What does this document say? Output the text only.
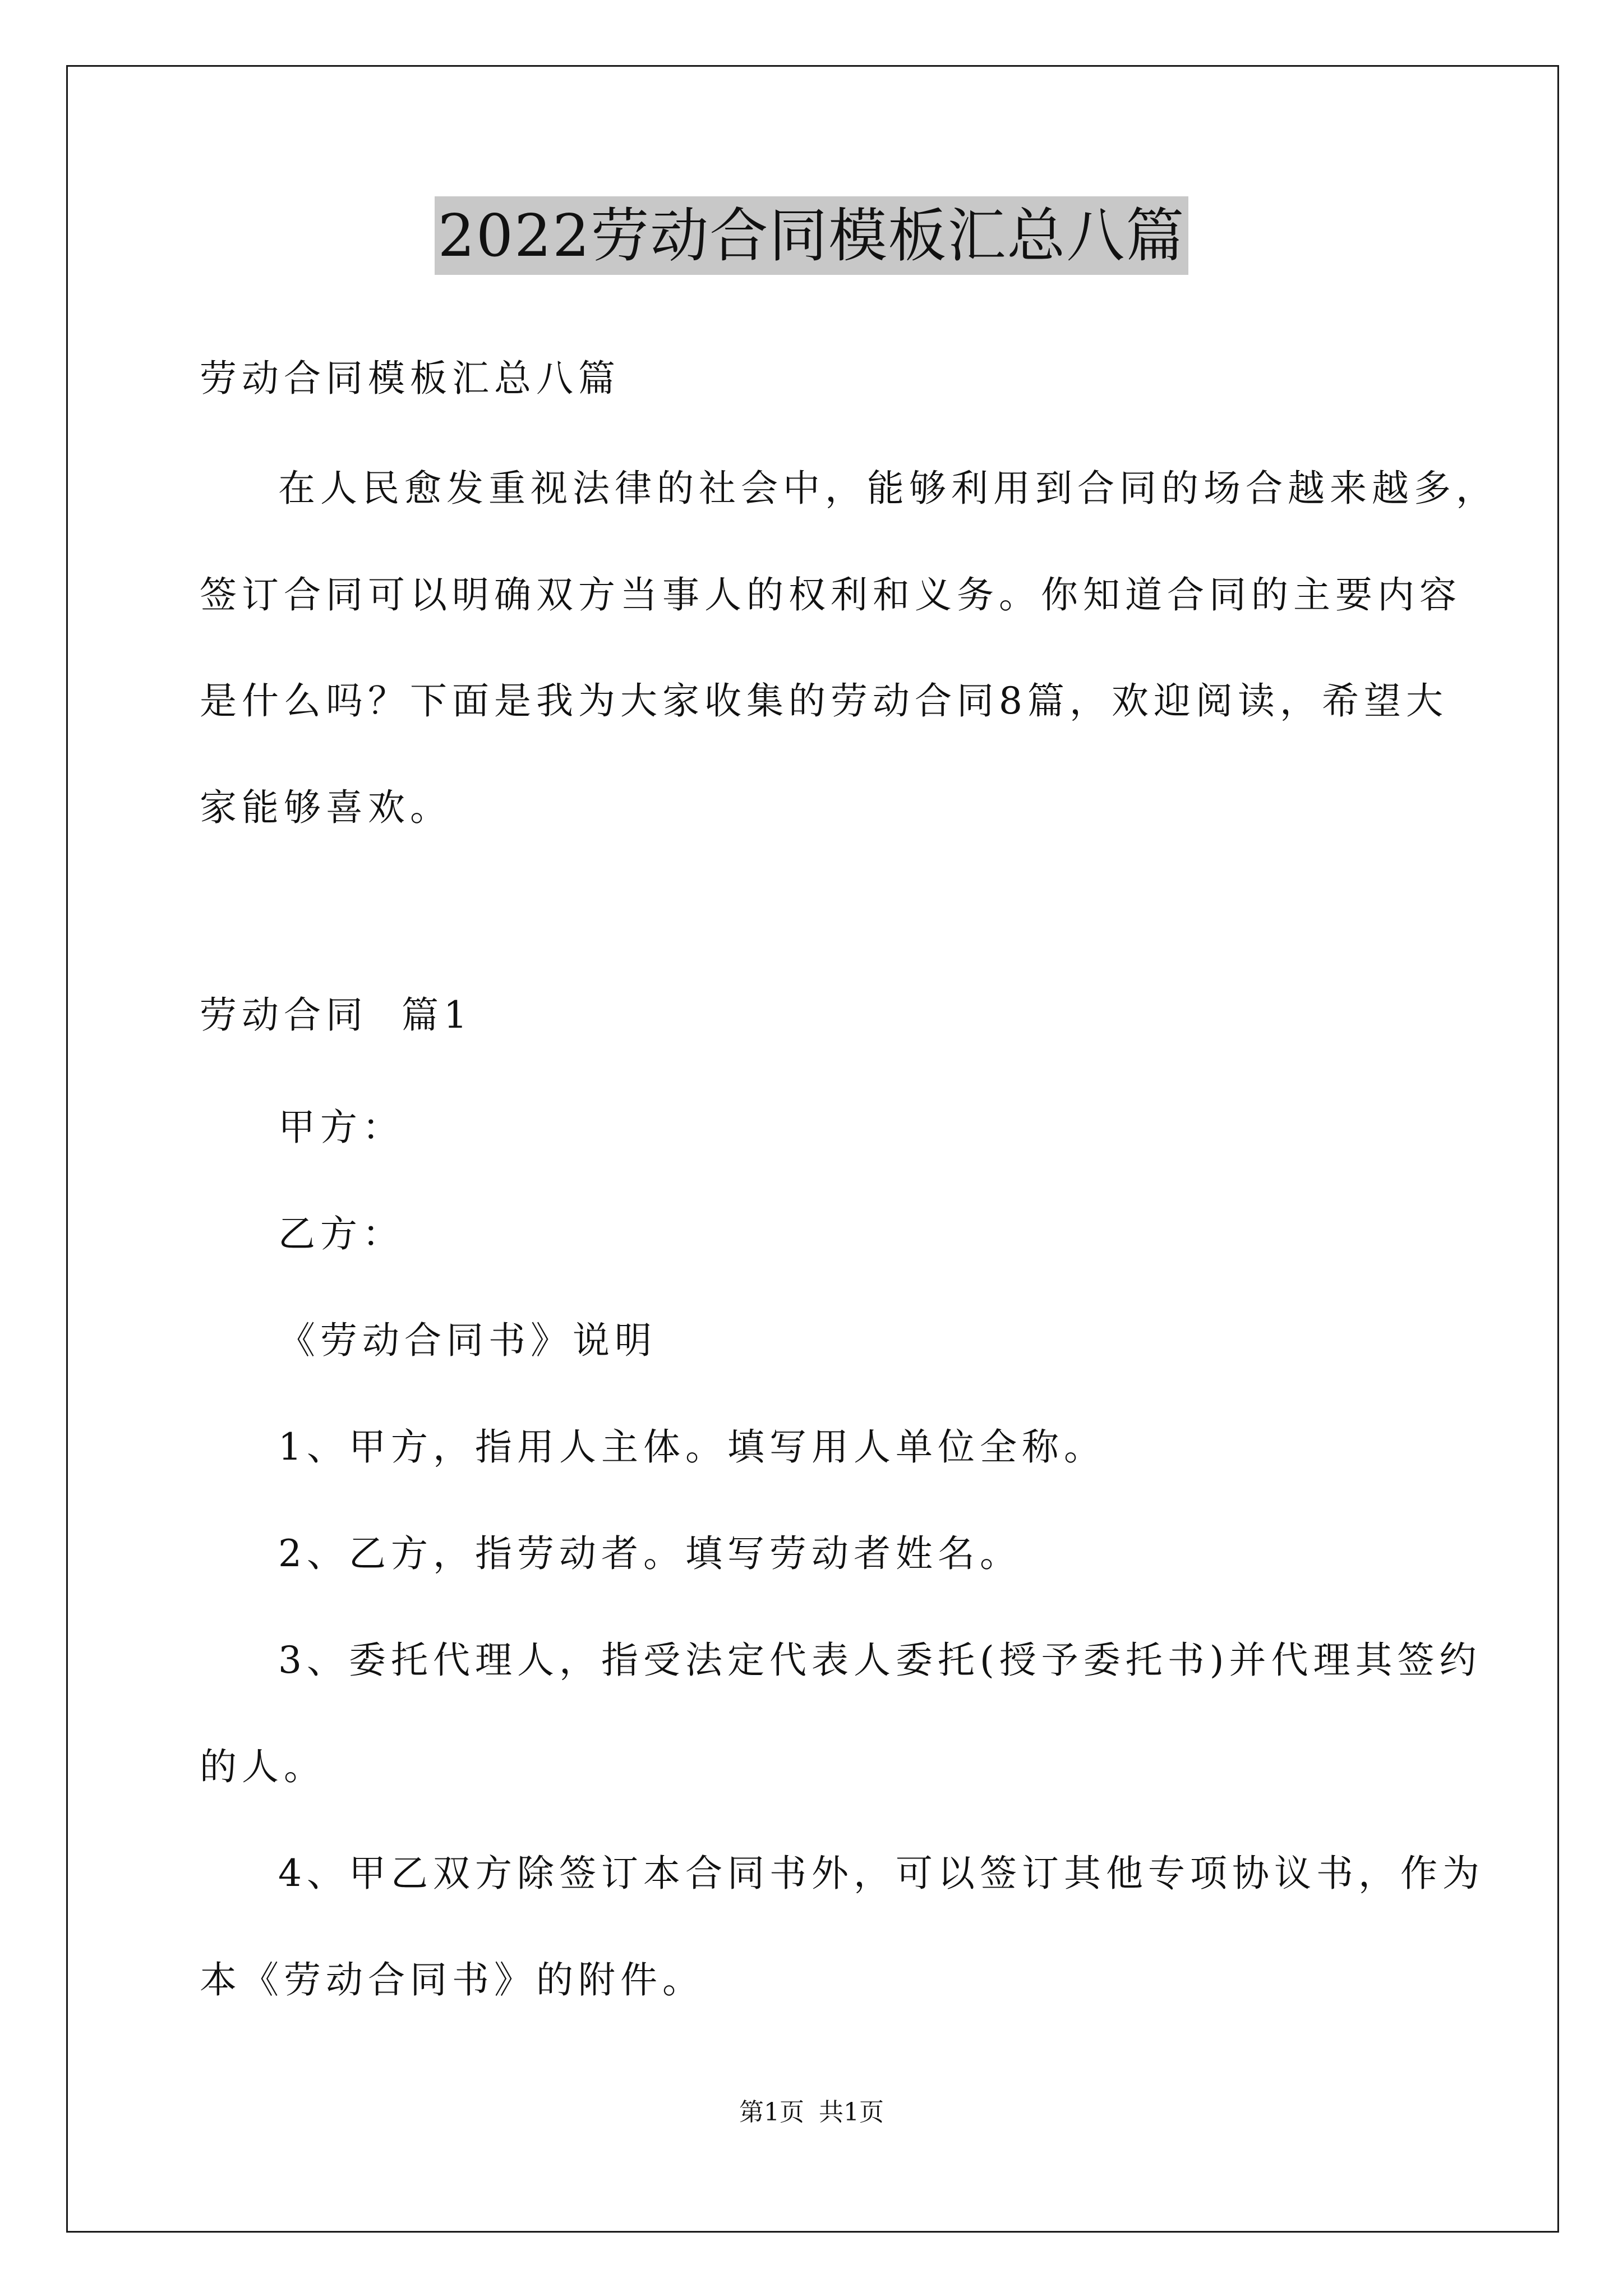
2022劳动合同模板汇总八篇
劳动合同模板汇总八篇
在人民愈发重视法律的社会中，能够利用到合同的场合越来越多，
签订合同可以明确双方当事人的权利和义务。你知道合同的主要内容
是什么吗？下面是我为大家收集的劳动合同8篇，欢迎阅读，希望大
家能够喜欢。
劳动合同  篇1
甲方：
乙方：
《劳动合同书》说明
1、甲方，指用人主体。填写用人单位全称。
2、乙方，指劳动者。填写劳动者姓名。
3、委托代理人，指受法定代表人委托(授予委托书)并代理其签约
的人。
4、甲乙双方除签订本合同书外，可以签订其他专项协议书，作为
本《劳动合同书》的附件。
第1页 共1页
